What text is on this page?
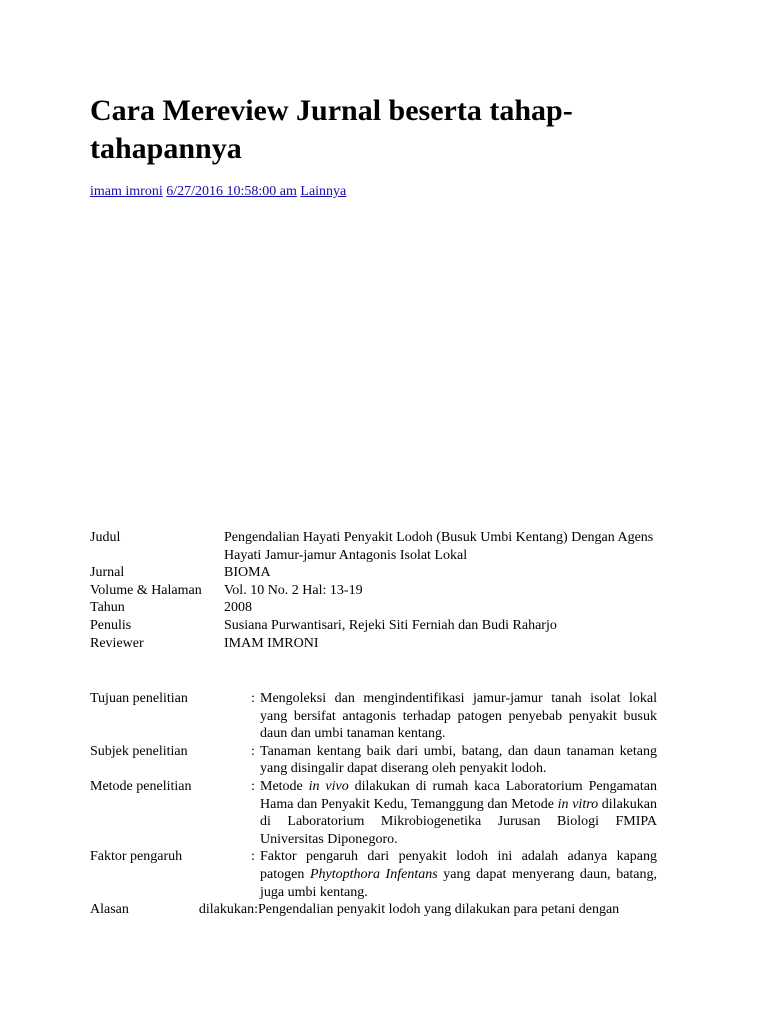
Cara Mereview Jurnal beserta tahap-tahapannya
imam imroni 6/27/2016 10:58:00 am Lainnya
Judul	Pengendalian Hayati Penyakit Lodoh (Busuk Umbi Kentang) Dengan Agens Hayati Jamur-jamur Antagonis Isolat Lokal
Jurnal	BIOMA
Volume & Halaman	Vol. 10 No. 2 Hal: 13-19
Tahun	2008
Penulis	Susiana Purwantisari, Rejeki Siti Ferniah dan Budi Raharjo
Reviewer	IMAM IMRONI
Tujuan penelitian	: Mengoleksi dan mengindentifikasi jamur-jamur tanah isolat lokal yang bersifat antagonis terhadap patogen penyebab penyakit busuk daun dan umbi tanaman kentang.
Subjek penelitian	: Tanaman kentang baik dari umbi, batang, dan daun tanaman ketang yang disingalir dapat diserang oleh penyakit lodoh.
Metode penelitian	: Metode in vivo dilakukan di rumah kaca Laboratorium Pengamatan Hama dan Penyakit Kedu, Temanggung dan Metode in vitro dilakukan di Laboratorium Mikrobiogenetika Jurusan Biologi FMIPA Universitas Diponegoro.
Faktor pengaruh	: Faktor pengaruh dari penyakit lodoh ini adalah adanya kapang patogen Phytopthora Infentans yang dapat menyerang daun, batang, juga umbi kentang.
Alasan	dilakukan: Pengendalian penyakit lodoh yang dilakukan para petani dengan
